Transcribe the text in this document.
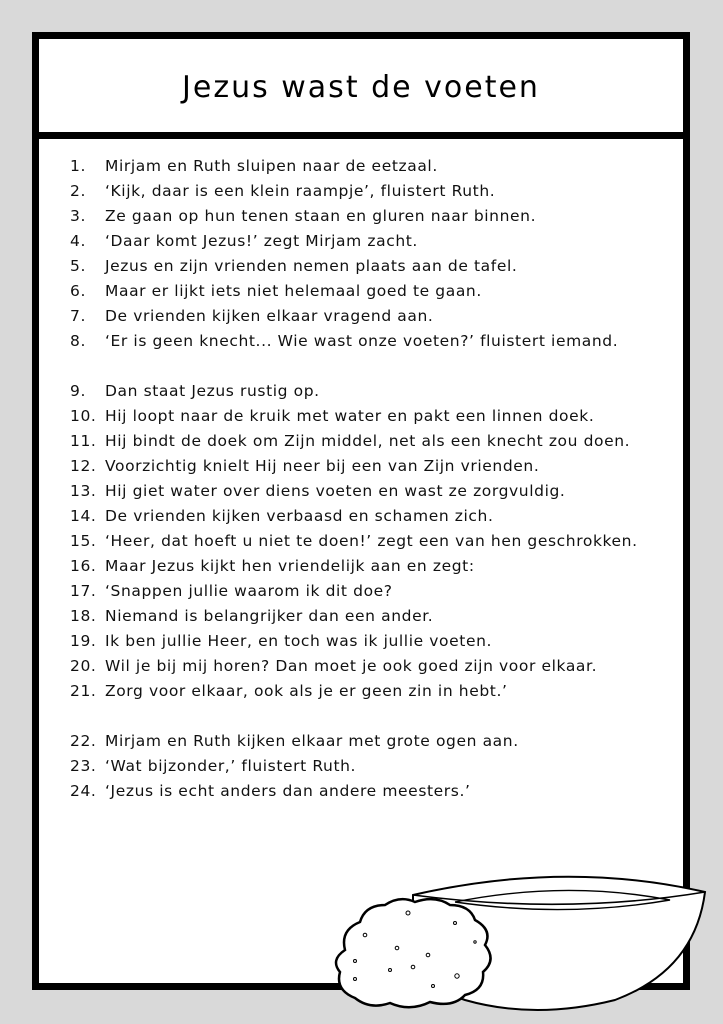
Jezus wast de voeten
1.	Mirjam en Ruth sluipen naar de eetzaal.
2.	‘Kijk, daar is een klein raampje’, fluistert Ruth.
3.	Ze gaan op hun tenen staan en gluren naar binnen.
4.	‘Daar komt Jezus!’ zegt Mirjam zacht.
5.	Jezus en zijn vrienden nemen plaats aan de tafel.
6.	Maar er lijkt iets niet helemaal goed te gaan.
7.	De vrienden kijken elkaar vragend aan.
8.	‘Er is geen knecht... Wie wast onze voeten?’ fluistert iemand.
9.	Dan staat Jezus rustig op.
10. Hij loopt naar de kruik met water en pakt een linnen doek.
11. Hij bindt de doek om Zijn middel, net als een knecht zou doen.
12. Voorzichtig knielt Hij neer bij een van Zijn vrienden.
13. Hij giet water over diens voeten en wast ze zorgvuldig.
14. De vrienden kijken verbaasd en schamen zich.
15. ‘Heer, dat hoeft u niet te doen!’ zegt een van hen geschrokken.
16. Maar Jezus kijkt hen vriendelijk aan en zegt:
17. ‘Snappen jullie waarom ik dit doe?
18. Niemand is belangrijker dan een ander.
19. Ik ben jullie Heer, en toch was ik jullie voeten.
20. Wil je bij mij horen? Dan moet je ook goed zijn voor elkaar.
21. Zorg voor elkaar, ook als je er geen zin in hebt.’
22. Mirjam en Ruth kijken elkaar met grote ogen aan.
23. ‘Wat bijzonder,’ fluistert Ruth.
24. ‘Jezus is echt anders dan andere meesters.’
